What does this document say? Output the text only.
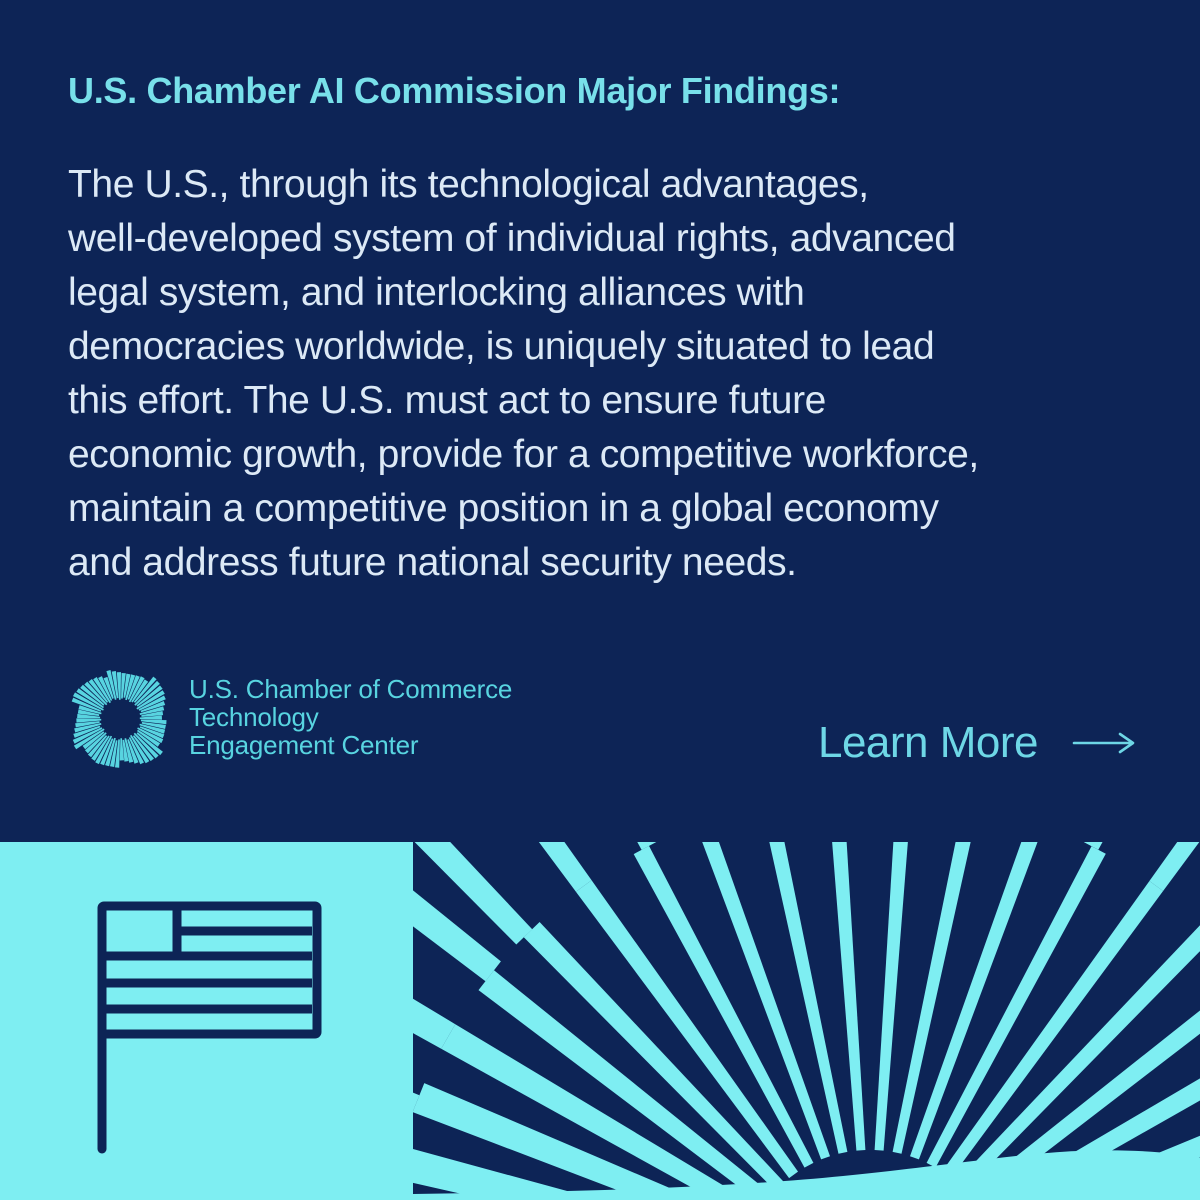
U.S. Chamber AI Commission Major Findings:
The U.S., through its technological advantages,
well-developed system of individual rights, advanced
legal system, and interlocking alliances with
democracies worldwide, is uniquely situated to lead
this effort. The U.S. must act to ensure future
economic growth, provide for a competitive workforce,
maintain a competitive position in a global economy
and address future national security needs.
U.S. Chamber of Commerce
Technology
Engagement Center	Learn More
